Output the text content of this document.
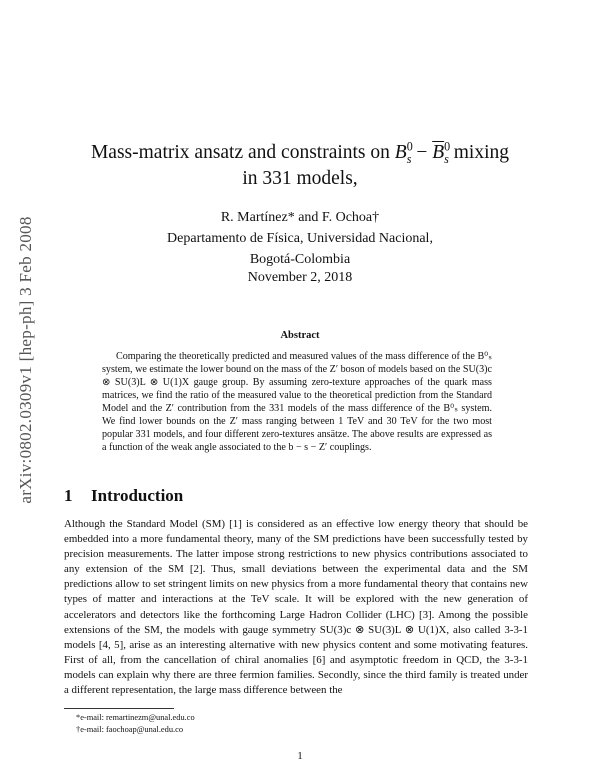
arXiv:0802.0309v1 [hep-ph] 3 Feb 2008
Mass-matrix ansatz and constraints on $B^0_s - \overline{B}^0_s$ mixing
in 331 models,
R. Martínez* and F. Ochoa†
Departamento de Física, Universidad Nacional,
Bogotá-Colombia
November 2, 2018
Abstract
Comparing the theoretically predicted and measured values of the mass difference of the B⁰ₛ system, we estimate the lower bound on the mass of the Z′ boson of models based on the SU(3)c ⊗ SU(3)L ⊗ U(1)X gauge group. By assuming zero-texture approaches of the quark mass matrices, we find the ratio of the measured value to the theoretical prediction from the Standard Model and the Z′ contribution from the 331 models of the mass difference of the B⁰ₛ system. We find lower bounds on the Z′ mass ranging between 1 TeV and 30 TeV for the two most popular 331 models, and four different zero-textures ansätze. The above results are expressed as a function of the weak angle associated to the b − s − Z′ couplings.
1 Introduction
Although the Standard Model (SM) [1] is considered as an effective low energy theory that should be embedded into a more fundamental theory, many of the SM predictions have been successfully tested by precision measurements. The latter impose strong restrictions to new physics contributions associated to any extension of the SM [2]. Thus, small deviations between the experimental data and the SM predictions allow to set stringent limits on new physics from a more fundamental theory that contains new types of matter and interactions at the TeV scale. It will be explored with the new generation of accelerators and detectors like the forthcoming Large Hadron Collider (LHC) [3]. Among the possible extensions of the SM, the models with gauge symmetry SU(3)c ⊗ SU(3)L ⊗ U(1)X, also called 3-3-1 models [4, 5], arise as an interesting alternative with new physics content and some motivating features. First of all, from the cancellation of chiral anomalies [6] and asymptotic freedom in QCD, the 3-3-1 models can explain why there are three fermion families. Secondly, since the third family is treated under a different representation, the large mass difference between the
*e-mail: remartinezm@unal.edu.co
†e-mail: faochoap@unal.edu.co
1
